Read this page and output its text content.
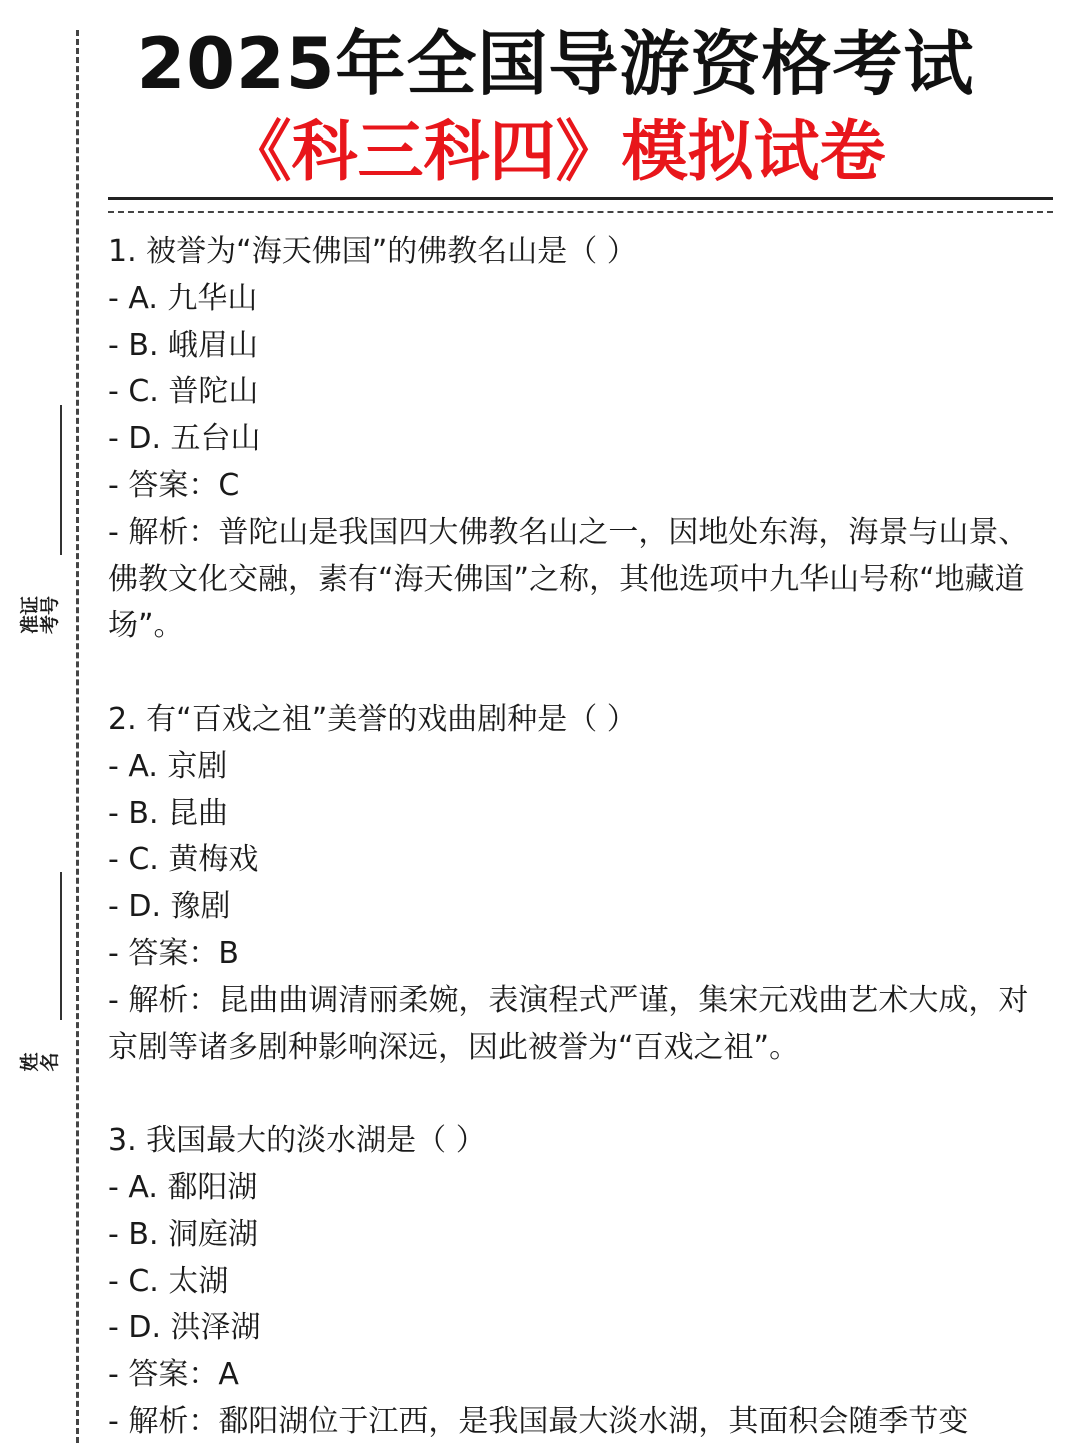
准证
考号
姓
名
2025年全国导游资格考试
《科三科四》模拟试卷
1. 被誉为“海天佛国”的佛教名山是（ ）
- A. 九华山
- B. 峨眉山
- C. 普陀山
- D. 五台山
- 答案：C
- 解析：普陀山是我国四大佛教名山之一，因地处东海，海景与山景、佛教文化交融，素有“海天佛国”之称，其他选项中九华山号称“地藏道场”。
2. 有“百戏之祖”美誉的戏曲剧种是（ ）
- A. 京剧
- B. 昆曲
- C. 黄梅戏
- D. 豫剧
- 答案：B
- 解析：昆曲曲调清丽柔婉，表演程式严谨，集宋元戏曲艺术大成，对京剧等诸多剧种影响深远，因此被誉为“百戏之祖”。
3. 我国最大的淡水湖是（ ）
- A. 鄱阳湖
- B. 洞庭湖
- C. 太湖
- D. 洪泽湖
- 答案：A
- 解析：鄱阳湖位于江西，是我国最大淡水湖，其面积会随季节变
